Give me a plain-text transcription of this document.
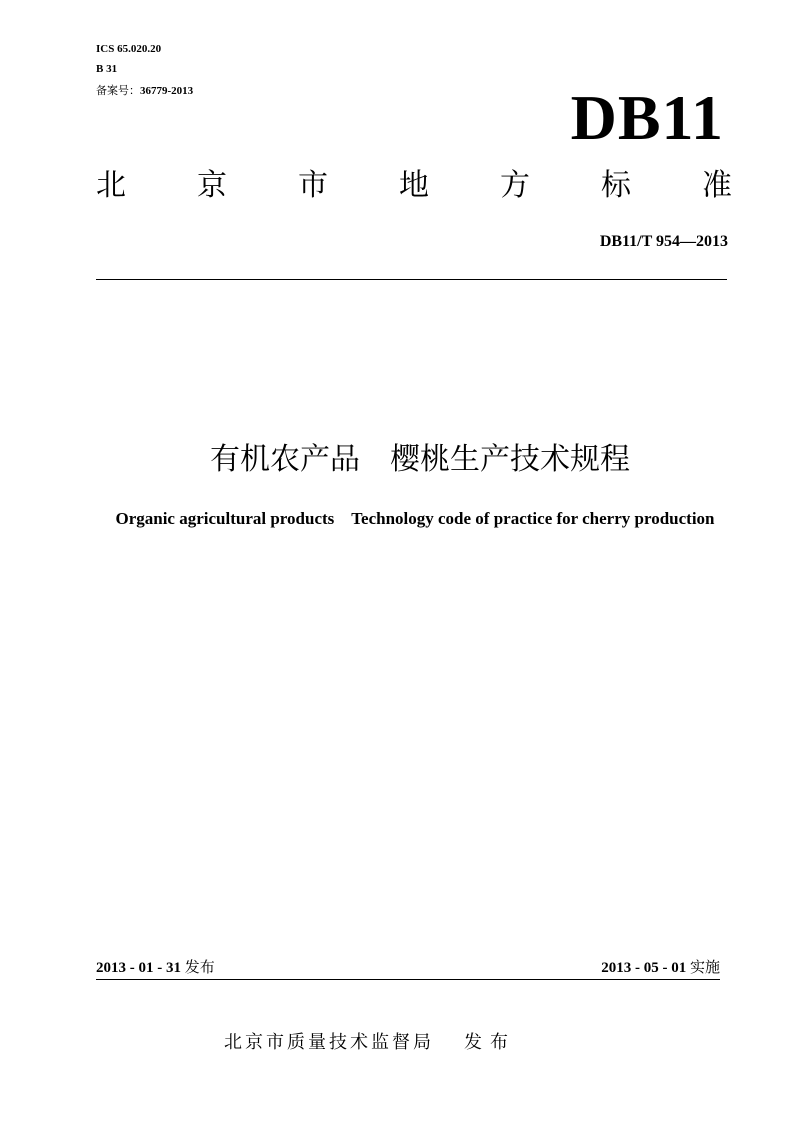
ICS 65.020.20
B 31
备案号：36779-2013	DB11
北 京 市 地 方 标 准
DB11/T 954—2013
有机农产品　樱桃生产技术规程
Organic agricultural products　Technology code of practice for cherry production
2013 - 01 - 31 发布	2013 - 05 - 01 实施
北京市质量技术监督局 发布
